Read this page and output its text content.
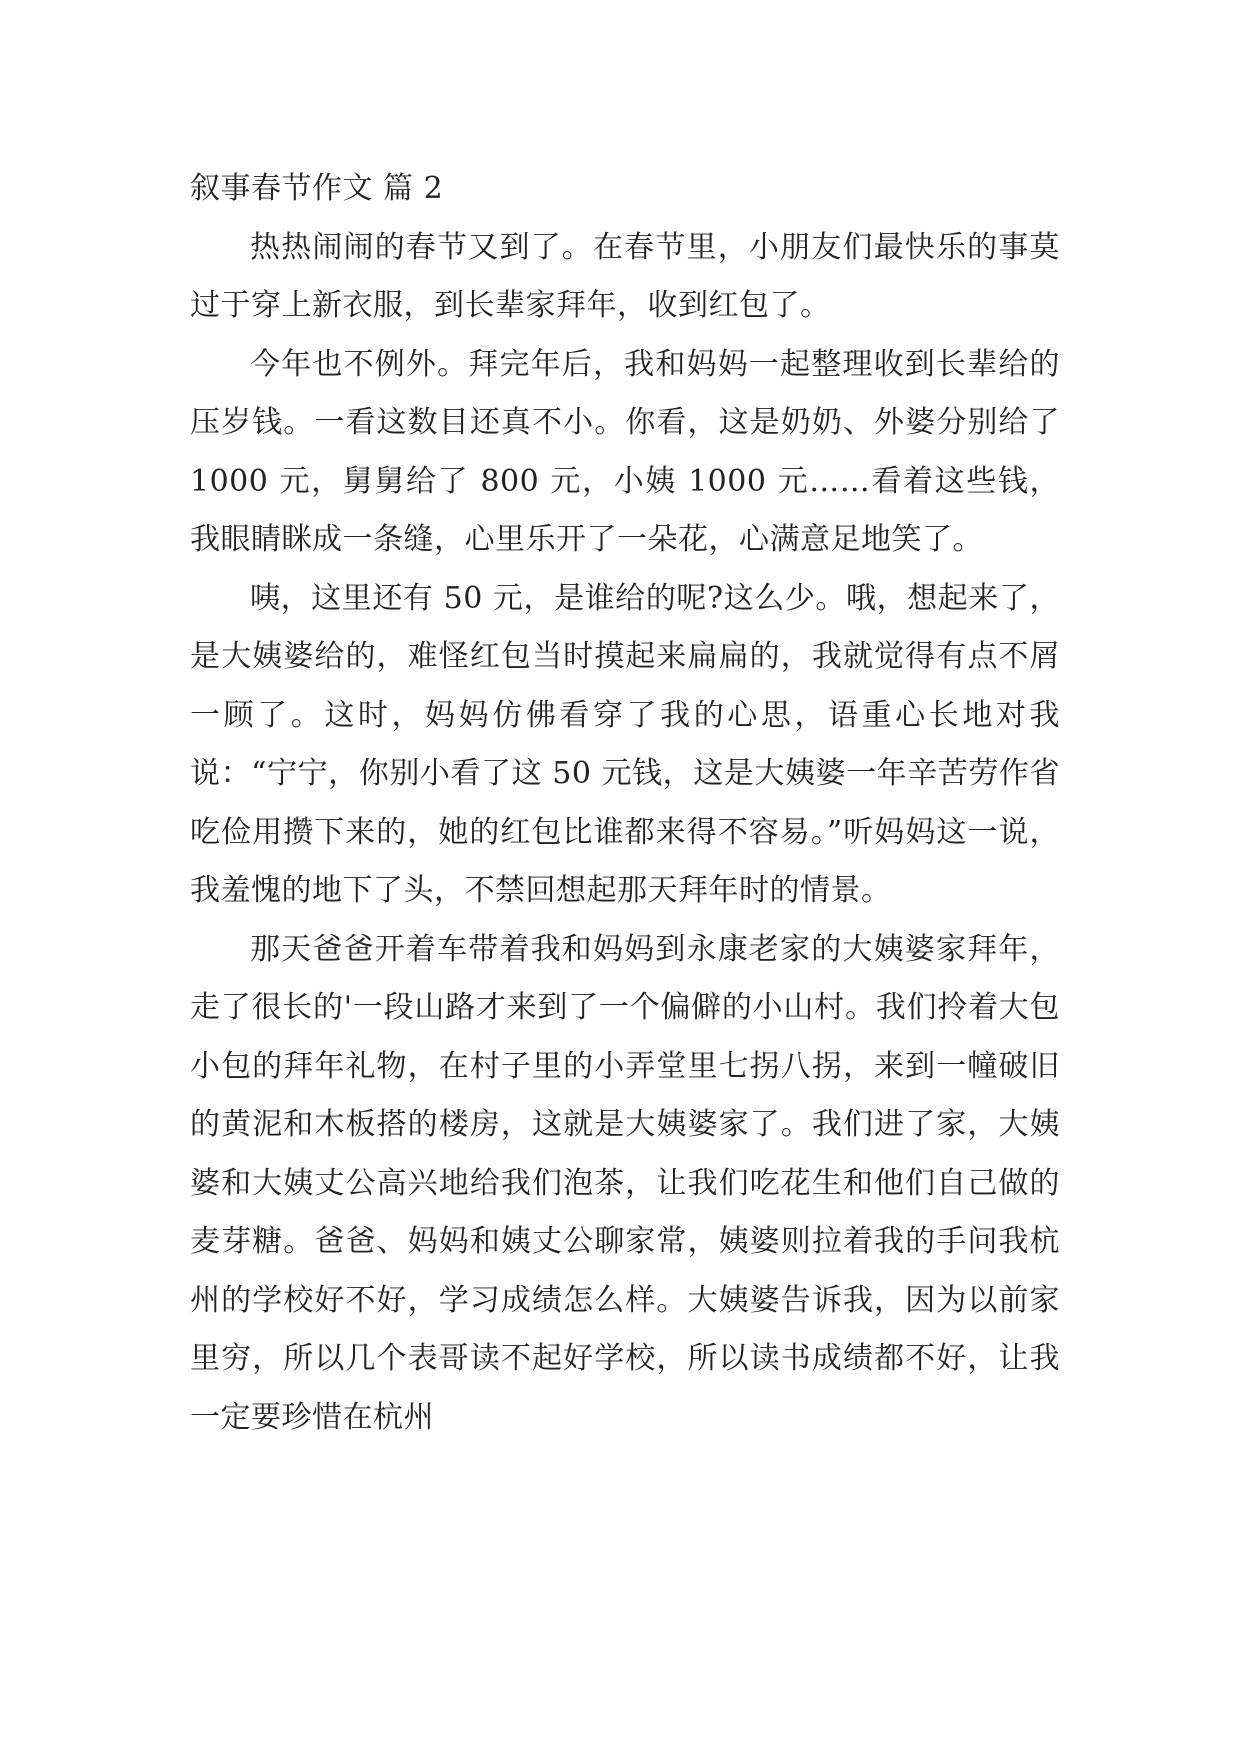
叙事春节作文 篇 2

热热闹闹的春节又到了。在春节里，小朋友们最快乐的事莫过于穿上新衣服，到长辈家拜年，收到红包了。

今年也不例外。拜完年后，我和妈妈一起整理收到长辈给的压岁钱。一看这数目还真不小。你看，这是奶奶、外婆分别给了 1000 元，舅舅给了 800 元，小姨 1000 元……看着这些钱，我眼睛眯成一条缝，心里乐开了一朵花，心满意足地笑了。

咦，这里还有 50 元，是谁给的呢?这么少。哦，想起来了，是大姨婆给的，难怪红包当时摸起来扁扁的，我就觉得有点不屑一顾了。这时，妈妈仿佛看穿了我的心思，语重心长地对我说：“宁宁，你别小看了这 50 元钱，这是大姨婆一年辛苦劳作省吃俭用攒下来的，她的红包比谁都来得不容易。”听妈妈这一说，我羞愧的地下了头，不禁回想起那天拜年时的情景。

那天爸爸开着车带着我和妈妈到永康老家的大姨婆家拜年，走了很长的'一段山路才来到了一个偏僻的小山村。我们拎着大包小包的拜年礼物，在村子里的小弄堂里七拐八拐，来到一幢破旧的黄泥和木板搭的楼房，这就是大姨婆家了。我们进了家，大姨婆和大姨丈公高兴地给我们泡茶，让我们吃花生和他们自己做的麦芽糖。爸爸、妈妈和姨丈公聊家常，姨婆则拉着我的手问我杭州的学校好不好，学习成绩怎么样。大姨婆告诉我，因为以前家里穷，所以几个表哥读不起好学校，所以读书成绩都不好，让我一定要珍惜在杭州
